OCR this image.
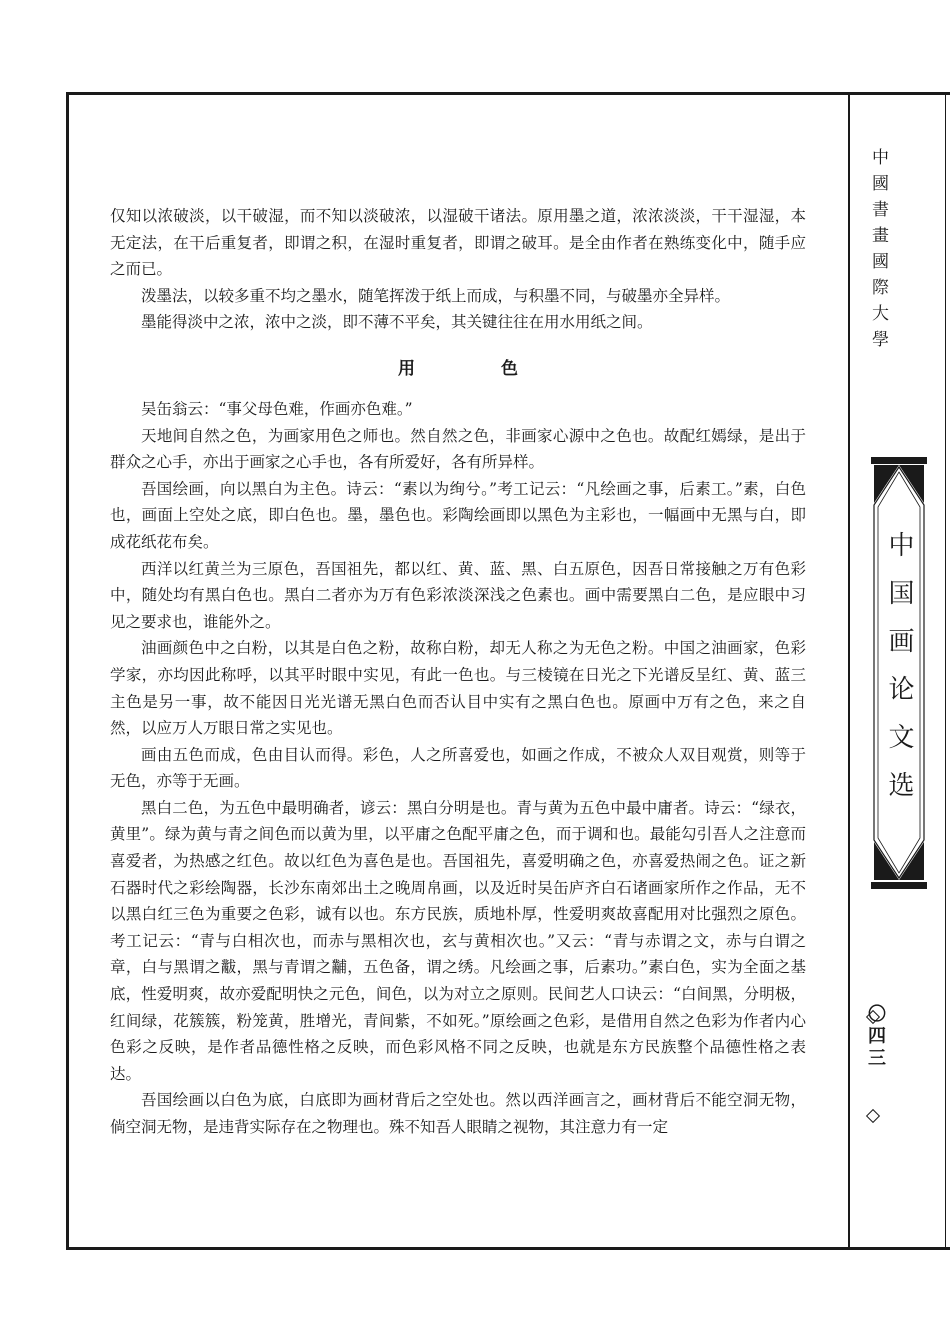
仅知以浓破淡，以干破湿，而不知以淡破浓，以湿破干诸法。原用墨之道，浓浓淡淡，干干湿湿，本无定法，在干后重复者，即谓之积，在湿时重复者，即谓之破耳。是全由作者在熟练变化中，随手应之而已。

泼墨法，以较多重不均之墨水，随笔挥泼于纸上而成，与积墨不同，与破墨亦全异样。

墨能得淡中之浓，浓中之淡，即不薄不平矣，其关键往往在用水用纸之间。

用 色

吴缶翁云：“事父母色难，作画亦色难。”

天地间自然之色，为画家用色之师也。然自然之色，非画家心源中之色也。故配红嫣绿，是出于群众之心手，亦出于画家之心手也，各有所爱好，各有所异样。

吾国绘画，向以黑白为主色。诗云：“素以为绚兮。”考工记云：“凡绘画之事，后素工。”素，白色也，画面上空处之底，即白色也。墨，墨色也。彩陶绘画即以黑色为主彩也，一幅画中无黑与白，即成花纸花布矣。

西洋以红黄兰为三原色，吾国祖先，都以红、黄、蓝、黑、白五原色，因吾日常接触之万有色彩中，随处均有黑白色也。黑白二者亦为万有色彩浓淡深浅之色素也。画中需要黑白二色，是应眼中习见之要求也，谁能外之。

油画颜色中之白粉，以其是白色之粉，故称白粉，却无人称之为无色之粉。中国之油画家，色彩学家，亦均因此称呼，以其平时眼中实见，有此一色也。与三棱镜在日光之下光谱反呈红、黄、蓝三主色是另一事，故不能因日光光谱无黑白色而否认目中实有之黑白色也。原画中万有之色，来之自然，以应万人万眼日常之实见也。

画由五色而成，色由目认而得。彩色，人之所喜爱也，如画之作成，不被众人双目观赏，则等于无色，亦等于无画。

黑白二色，为五色中最明确者，谚云：黑白分明是也。青与黄为五色中最中庸者。诗云：“绿衣，黄里”。绿为黄与青之间色而以黄为里，以平庸之色配平庸之色，而于调和也。最能勾引吾人之注意而喜爱者，为热感之红色。故以红色为喜色是也。吾国祖先，喜爱明确之色，亦喜爱热闹之色。证之新石器时代之彩绘陶器，长沙东南郊出土之晚周帛画，以及近时吴缶庐齐白石诸画家所作之作品，无不以黑白红三色为重要之色彩，诚有以也。东方民族，质地朴厚，性爱明爽故喜配用对比强烈之原色。考工记云：“青与白相次也，而赤与黑相次也，玄与黄相次也。”又云：“青与赤谓之文，赤与白谓之章，白与黑谓之黻，黑与青谓之黼，五色备，谓之绣。凡绘画之事，后素功。”素白色，实为全面之基底，性爱明爽，故亦爱配明快之元色，间色，以为对立之原则。民间艺人口诀云：“白间黑，分明极，红间绿，花簇簇，粉笼黄，胜增光，青间紫，不如死。”原绘画之色彩，是借用自然之色彩为作者内心色彩之反映，是作者品德性格之反映，而色彩风格不同之反映，也就是东方民族整个品德性格之表达。

吾国绘画以白色为底，白底即为画材背后之空处也。然以西洋画言之，画材背后不能空洞无物，倘空洞无物，是违背实际存在之物理也。殊不知吾人眼睛之视物，其注意力有一定

中國書畫國際大學
中国画论文选
〇四三
